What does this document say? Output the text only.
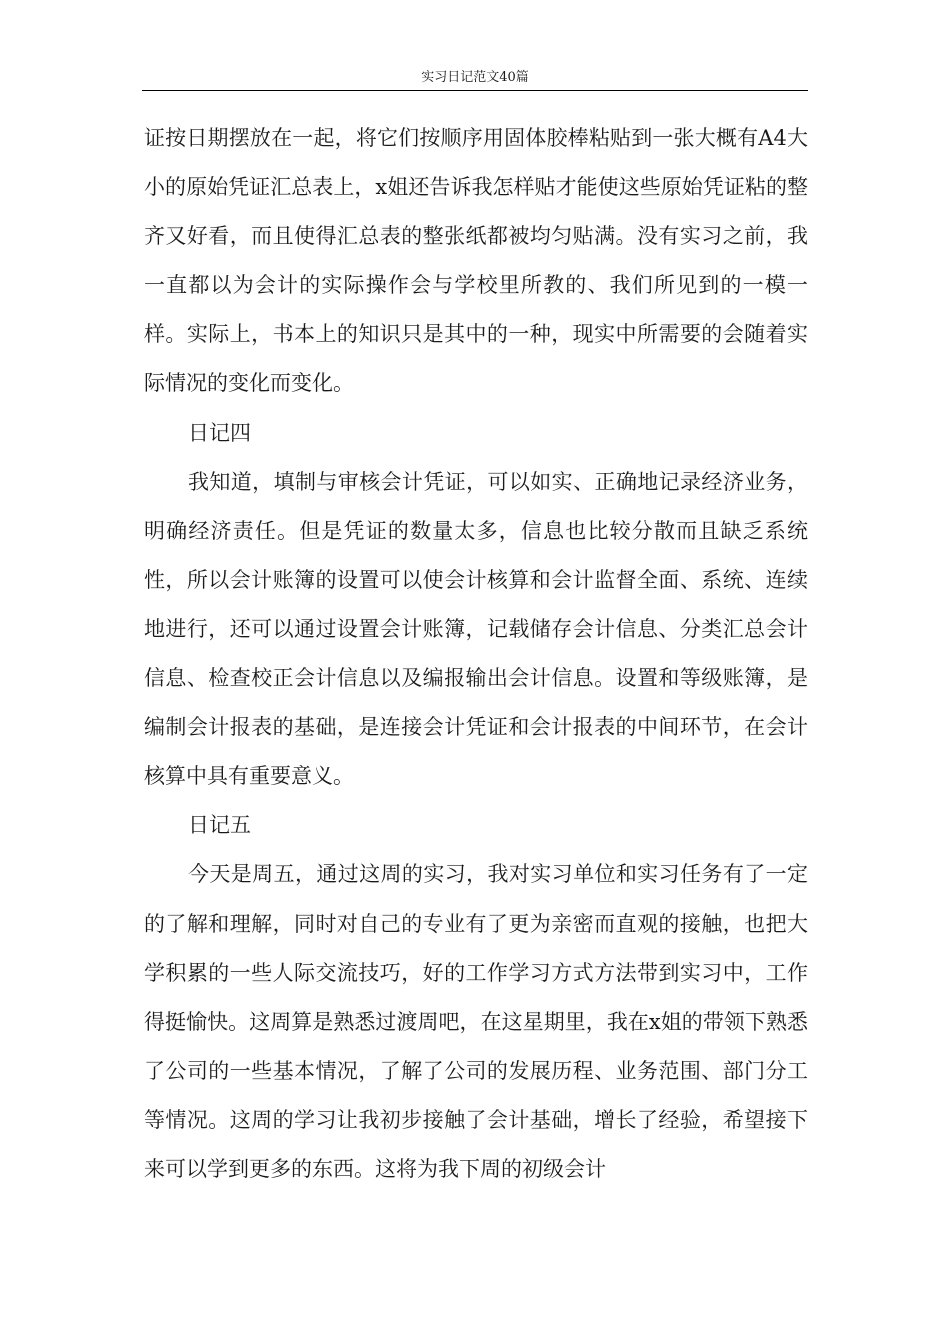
实习日记范文40篇

证按日期摆放在一起，将它们按顺序用固体胶棒粘贴到一张大概有A4大小的原始凭证汇总表上，x姐还告诉我怎样贴才能使这些原始凭证粘的整齐又好看，而且使得汇总表的整张纸都被均匀贴满。没有实习之前，我一直都以为会计的实际操作会与学校里所教的、我们所见到的一模一样。实际上，书本上的知识只是其中的一种，现实中所需要的会随着实际情况的变化而变化。

日记四

我知道，填制与审核会计凭证，可以如实、正确地记录经济业务，明确经济责任。但是凭证的数量太多，信息也比较分散而且缺乏系统性，所以会计账簿的设置可以使会计核算和会计监督全面、系统、连续地进行，还可以通过设置会计账簿，记载储存会计信息、分类汇总会计信息、检查校正会计信息以及编报输出会计信息。设置和等级账簿，是编制会计报表的基础，是连接会计凭证和会计报表的中间环节，在会计核算中具有重要意义。

日记五

今天是周五，通过这周的实习，我对实习单位和实习任务有了一定的了解和理解，同时对自己的专业有了更为亲密而直观的接触，也把大学积累的一些人际交流技巧，好的工作学习方式方法带到实习中，工作得挺愉快。这周算是熟悉过渡周吧，在这星期里，我在x姐的带领下熟悉了公司的一些基本情况，了解了公司的发展历程、业务范围、部门分工等情况。这周的学习让我初步接触了会计基础，增长了经验，希望接下来可以学到更多的东西。这将为我下周的初级会计
